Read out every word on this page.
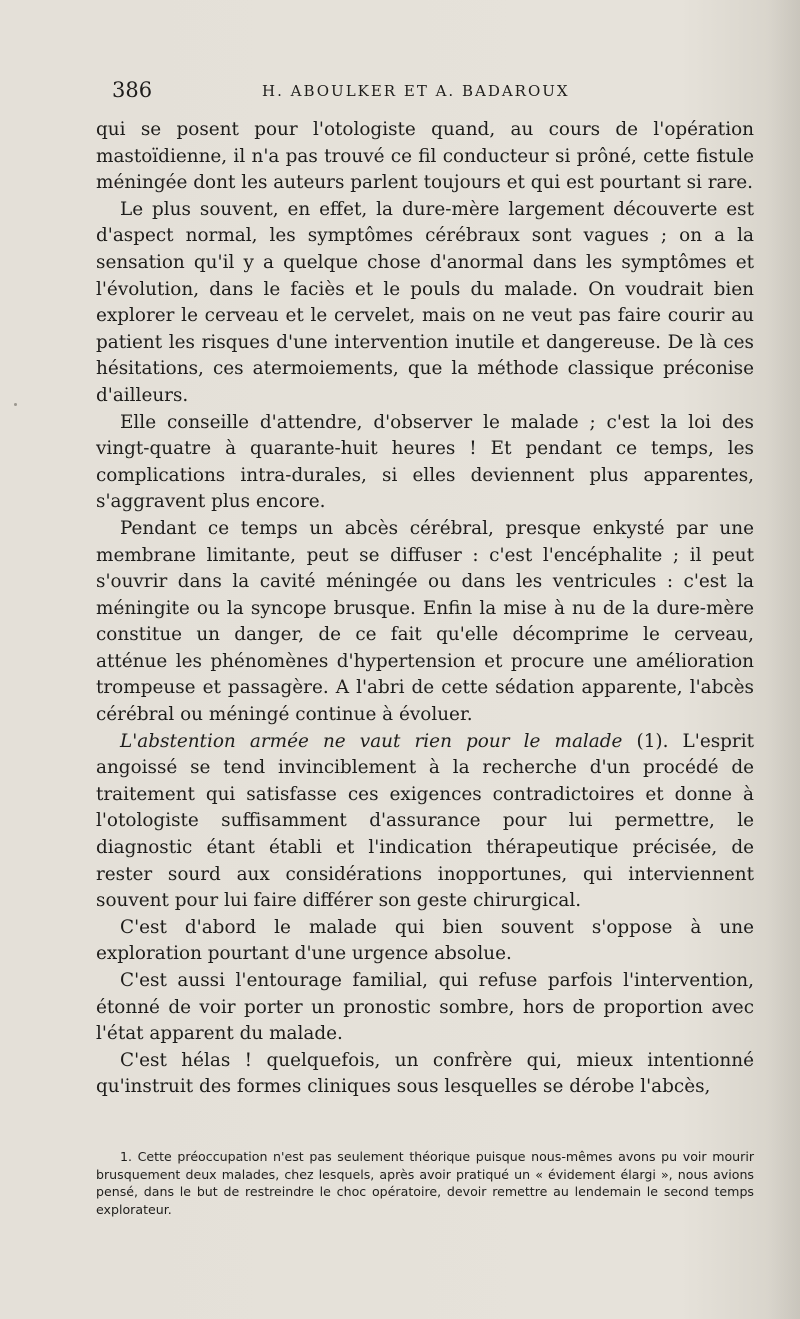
386	H. ABOULKER ET A. BADAROUX

qui se posent pour l'otologiste quand, au cours de l'opération mastoïdienne, il n'a pas trouvé ce fil conducteur si prôné, cette fistule méningée dont les auteurs parlent toujours et qui est pourtant si rare.

Le plus souvent, en effet, la dure-mère largement découverte est d'aspect normal, les symptômes cérébraux sont vagues ; on a la sensation qu'il y a quelque chose d'anormal dans les symptômes et l'évolution, dans le faciès et le pouls du malade. On voudrait bien explorer le cerveau et le cervelet, mais on ne veut pas faire courir au patient les risques d'une intervention inutile et dangereuse. De là ces hésitations, ces atermoiements, que la méthode classique préconise d'ailleurs.

Elle conseille d'attendre, d'observer le malade ; c'est la loi des vingt-quatre à quarante-huit heures ! Et pendant ce temps, les complications intra-durales, si elles deviennent plus apparentes, s'aggravent plus encore.

Pendant ce temps un abcès cérébral, presque enkysté par une membrane limitante, peut se diffuser : c'est l'encéphalite ; il peut s'ouvrir dans la cavité méningée ou dans les ventricules : c'est la méningite ou la syncope brusque. Enfin la mise à nu de la dure-mère constitue un danger, de ce fait qu'elle décomprime le cerveau, atténue les phénomènes d'hypertension et procure une amélioration trompeuse et passagère. A l'abri de cette sédation apparente, l'abcès cérébral ou méningé continue à évoluer.

L'abstention armée ne vaut rien pour le malade (1). L'esprit angoissé se tend invinciblement à la recherche d'un procédé de traitement qui satisfasse ces exigences contradictoires et donne à l'otologiste suffisamment d'assurance pour lui permettre, le diagnostic étant établi et l'indication thérapeutique précisée, de rester sourd aux considérations inopportunes, qui interviennent souvent pour lui faire différer son geste chirurgical.

C'est d'abord le malade qui bien souvent s'oppose à une exploration pourtant d'une urgence absolue.

C'est aussi l'entourage familial, qui refuse parfois l'intervention, étonné de voir porter un pronostic sombre, hors de proportion avec l'état apparent du malade.

C'est hélas ! quelquefois, un confrère qui, mieux intentionné qu'instruit des formes cliniques sous lesquelles se dérobe l'abcès,

1. Cette préoccupation n'est pas seulement théorique puisque nous-mêmes avons pu voir mourir brusquement deux malades, chez lesquels, après avoir pratiqué un « évidement élargi », nous avions pensé, dans le but de restreindre le choc opératoire, devoir remettre au lendemain le second temps explorateur.
